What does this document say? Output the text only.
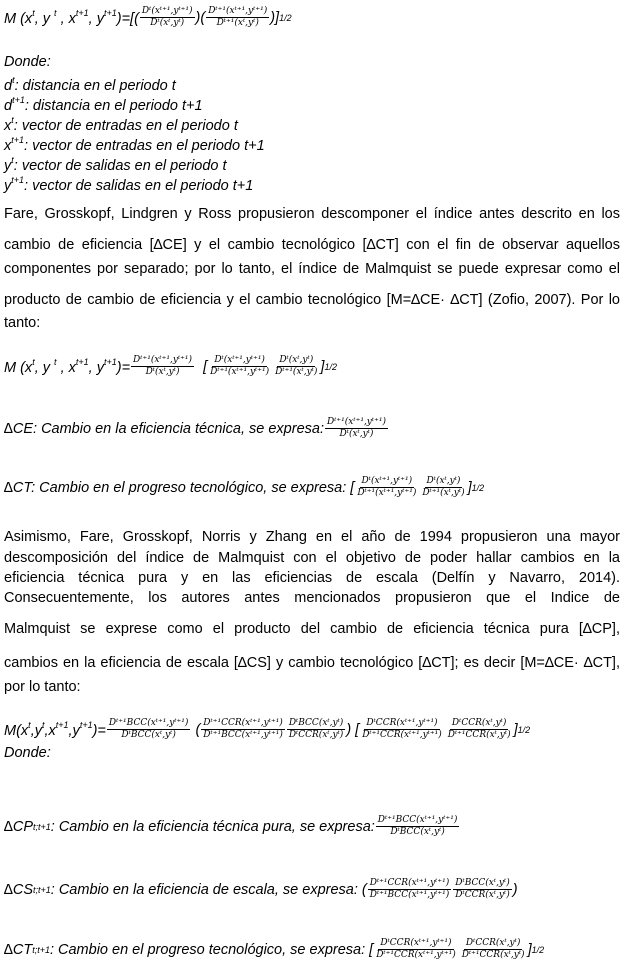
M ($x^t$, y $^t$ , $x^{t+1}$, $y^{t+1})=[( \frac{\text{Dᵗ(xᵗ⁺¹,yᵗ⁺¹)}}{\text{Dᵗ(xᵗ,yᵗ)}}$ )( $\frac{\text{Dᵗ⁺¹(xᵗ⁺¹,yᵗ⁺¹)}}{\text{Dᵗ⁺¹(xᵗ,yᵗ)}}$ )] 1/2
Donde:
$d^t$: distancia en el periodo t
$d^{t+1}$: distancia en el periodo t+1
$x^t$: vector de entradas en el periodo t
$x^{t+1}$: vector de entradas en el periodo t+1
$y^t$: vector de salidas en el periodo t
$y^{t+1}$: vector de salidas en el periodo t+1
Fare, Grosskopf, Lindgren y Ross propusieron descomponer el índice antes descrito en los
cambio de eficiencia [∆CE] y el cambio tecnológico [∆CT] con el fin de observar aquellos
componentes por separado; por lo tanto, el índice de Malmquist se puede expresar como el
producto de cambio de eficiencia y el cambio tecnológico [M=∆CE· ∆CT] (Zofio, 2007). Por lo
tanto:
M ($x^t$, y $^t$ , $x^{t+1}$, $y^{t+1})= \frac{\text{Dᵗ⁺¹(xᵗ⁺¹,yᵗ⁺¹)}}{\text{Dᵗ(xᵗ,yᵗ)}}$ [ $\frac{\text{Dᵗ(xᵗ⁺¹,yᵗ⁺¹)}}{\text{Dᵗ⁺¹(xᵗ⁺¹,yᵗ⁺¹)}} \frac{\text{Dᵗ(xᵗ,yᵗ)}}{\text{Dᵗ⁺¹(xᵗ,yᵗ)}}$ ] 1/2
∆CE: Cambio en la eficiencia técnica, se expresa: $\frac{\text{Dᵗ⁺¹(xᵗ⁺¹,yᵗ⁺¹)}}{\text{Dᵗ(xᵗ,yᵗ)}}$
∆CT: Cambio en el progreso tecnológico, se expresa: [ $\frac{\text{Dᵗ(xᵗ⁺¹,yᵗ⁺¹)}}{\text{Dᵗ⁺¹(xᵗ⁺¹,yᵗ⁺¹)}} \frac{\text{Dᵗ(xᵗ,yᵗ)}}{\text{Dᵗ⁺¹(xᵗ,yᵗ)}}$ ] 1/2
Asimismo, Fare, Grosskopf, Norris y Zhang en el año de 1994 propusieron una mayor
descomposición del índice de Malmquist con el objetivo de poder hallar cambios en la
eficiencia técnica pura y en las eficiencias de escala (Delfín y Navarro, 2014).
Consecuentemente, los autores antes mencionados propusieron que el Indice de
Malmquist se exprese como el producto del cambio de eficiencia técnica pura [∆CP],
cambios en la eficiencia de escala [∆CS] y cambio tecnológico [∆CT]; es decir [M=∆CE· ∆CT],
por lo tanto:
$M(x^t,y^t,x^{t+1},y^{t+1})= \frac{\text{Dᵗ⁺¹BCC(xᵗ⁺¹,yᵗ⁺¹)}}{\text{DᵗBCC(xᵗ,yᵗ)}}$ ( $\frac{\text{Dᵗ⁺¹CCR(xᵗ⁺¹,yᵗ⁺¹)}}{\text{Dᵗ⁺¹BCC(xᵗ⁺¹,yᵗ⁺¹)}} \frac{\text{DᵗBCC(xᵗ,yᵗ)}}{\text{DᵗCCR(xᵗ,yᵗ)}}$ ) [ $\frac{\text{DᵗCCR(xᵗ⁺¹,yᵗ⁺¹)}}{\text{Dᵗ⁺¹CCR(xᵗ⁺¹,yᵗ⁺¹)}} \frac{\text{DᵗCCR(xᵗ,yᵗ)}}{\text{Dᵗ⁺¹CCR(xᵗ,yᵗ)}}$ ] 1/2
Donde:
∆CP t;t+1 : Cambio en la eficiencia técnica pura, se expresa: $\frac{\text{Dᵗ⁺¹BCC(xᵗ⁺¹,yᵗ⁺¹)}}{\text{DᵗBCC(xᵗ,yᵗ)}}$
∆CS t;t+1 : Cambio en la eficiencia de escala, se expresa: ( $\frac{\text{Dᵗ⁺¹CCR(xᵗ⁺¹,yᵗ⁺¹)}}{\text{Dᵗ⁺¹BCC(xᵗ⁺¹,yᵗ⁺¹)}} \frac{\text{DᵗBCC(xᵗ,yᵗ)}}{\text{DᵗCCR(xᵗ,yᵗ)}}$ )
∆CT t;t+1 : Cambio en el progreso tecnológico, se expresa: [ $\frac{\text{DᵗCCR(xᵗ⁺¹,yᵗ⁺¹)}}{\text{Dᵗ⁺¹CCR(xᵗ⁺¹,yᵗ⁺¹)}} \frac{\text{DᵗCCR(xᵗ,yᵗ)}}{\text{Dᵗ⁺¹CCR(xᵗ,yᵗ)}}$ ] 1/2
